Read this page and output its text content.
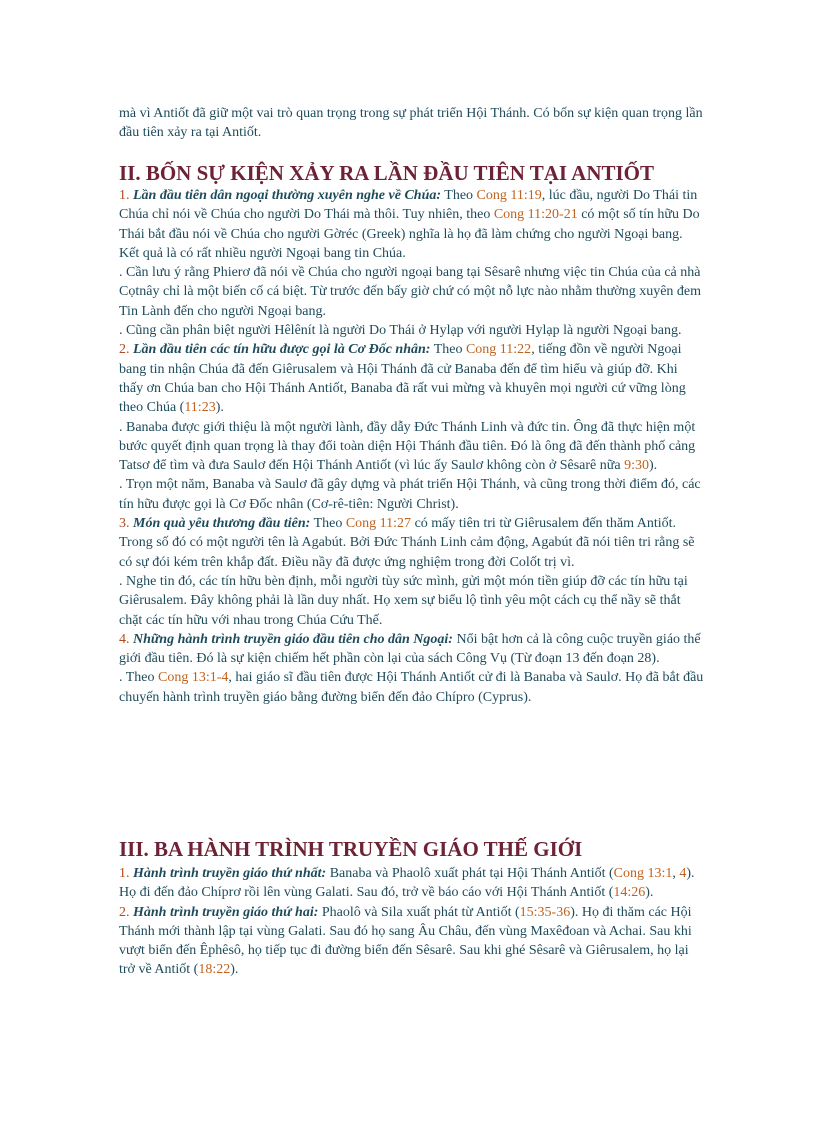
mà vì Antiốt đã giữ một vai trò quan trọng trong sự phát triển Hội Thánh. Có bốn sự kiện quan trọng lần đầu tiên xảy ra tại Antiốt.

II. BỐN SỰ KIỆN XẢY RA LẦN ĐẦU TIÊN TẠI ANTIỐT

1. Lần đầu tiên dân ngoại thường xuyên nghe về Chúa: Theo Cong 11:19, lúc đầu, người Do Thái tin Chúa chỉ nói về Chúa cho người Do Thái mà thôi. Tuy nhiên, theo Cong 11:20-21 có một số tín hữu Do Thái bắt đầu nói về Chúa cho người Gờréc (Greek) nghĩa là họ đã làm chứng cho người Ngoại bang. Kết quả là có rất nhiều người Ngoại bang tin Chúa.

. Cần lưu ý rằng Phierơ đã nói về Chúa cho người ngoại bang tại Sêsarê nhưng việc tin Chúa của cả nhà Cọtnây chỉ là một biến cố cá biệt. Từ trước đến bấy giờ chứ có một nỗ lực nào nhằm thường xuyên đem Tin Lành đến cho người Ngoại bang.

. Cũng cần phân biệt người Hêlênít là người Do Thái ở Hylạp với người Hylạp là người Ngoại bang.

2. Lần đầu tiên các tín hữu được gọi là Cơ Đốc nhân: Theo Cong 11:22, tiếng đồn về người Ngoại bang tin nhận Chúa đã đến Giêrusalem và Hội Thánh đã cử Banaba đến để tìm hiểu và giúp đỡ. Khi thấy ơn Chúa ban cho Hội Thánh Antiốt, Banaba đã rất vui mừng và khuyên mọi người cứ vững lòng theo Chúa (11:23).

. Banaba được giới thiệu là một người lành, đầy dẫy Đức Thánh Linh và đức tin. Ông đã thực hiện một bước quyết định quan trọng là thay đổi toàn diện Hội Thánh đầu tiên. Đó là ông đã đến thành phố cảng Tatsơ để tìm và đưa Saulơ đến Hội Thánh Antiốt (vì lúc ấy Saulơ không còn ở Sêsarê nữa 9:30).

. Trọn một năm, Banaba và Saulơ đã gây dựng và phát triển Hội Thánh, và cũng trong thời điểm đó, các tín hữu được gọi là Cơ Đốc nhân (Cơ-rê-tiên: Người Christ).

3. Món quà yêu thương đầu tiên: Theo Cong 11:27 có mấy tiên tri từ Giêrusalem đến thăm Antiốt. Trong số đó có một người tên là Agabút. Bởi Đức Thánh Linh cảm động, Agabút đã nói tiên tri rằng sẽ có sự đói kém trên khắp đất. Điều nầy đã được ứng nghiệm trong đời Colốt trị vì.

. Nghe tin đó, các tín hữu bèn định, mỗi người tùy sức mình, gửi một món tiền giúp đỡ các tín hữu tại Giêrusalem. Đây không phải là lần duy nhất. Họ xem sự biểu lộ tình yêu một cách cụ thể nầy sẽ thắt chặt các tín hữu với nhau trong Chúa Cứu Thế.

4. Những hành trình truyền giáo đầu tiên cho dân Ngoại: Nổi bật hơn cả là công cuộc truyền giáo thế giới đầu tiên. Đó là sự kiện chiếm hết phần còn lại của sách Công Vụ (Từ đoạn 13 đến đoạn 28).

. Theo Cong 13:1-4, hai giáo sĩ đầu tiên được Hội Thánh Antiốt cử đi là Banaba và Saulơ. Họ đã bắt đầu chuyến hành trình truyền giáo bằng đường biển đến đảo Chípro (Cyprus).

III. BA HÀNH TRÌNH TRUYỀN GIÁO THẾ GIỚI

1. Hành trình truyền giáo thứ nhất: Banaba và Phaolô xuất phát tại Hội Thánh Antiốt (Cong 13:1, 4). Họ đi đến đảo Chíprơ rồi lên vùng Galati. Sau đó, trở về báo cáo với Hội Thánh Antiốt (14:26).

2. Hành trình truyền giáo thứ hai: Phaolô và Sila xuất phát từ Antiốt (15:35-36). Họ đi thăm các Hội Thánh mới thành lập tại vùng Galati. Sau đó họ sang Âu Châu, đến vùng Maxêđoan và Achai. Sau khi vượt biển đến Êphêsô, họ tiếp tục đi đường biển đến Sêsarê. Sau khi ghé Sêsarê và Giêrusalem, họ lại trở về Antiốt (18:22).
